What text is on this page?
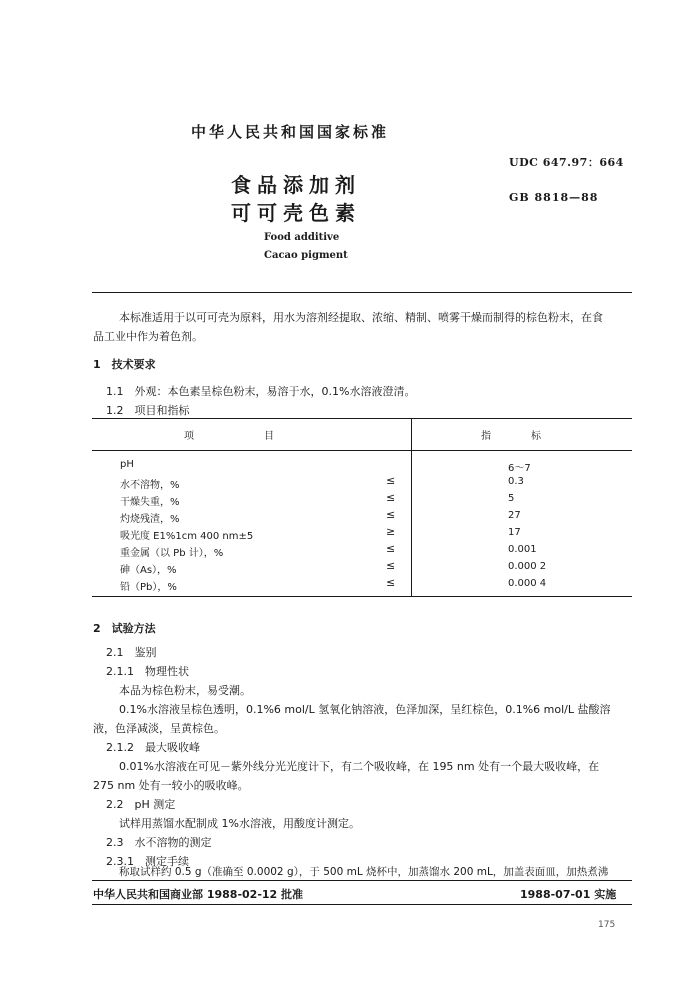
中华人民共和国国家标准
UDC 647.97：664
GB 8818—88
食品添加剂
可可壳色素
Food additive
Cacao pigment
本标准适用于以可可壳为原料，用水为溶剂经提取、浓缩、精制、喷雾干燥而制得的棕色粉末，在食
品工业中作为着色剂。
1　技术要求
1.1　外观：本色素呈棕色粉末，易溶于水，0.1%水溶液澄清。
1.2　项目和指标
项　　　　　　　目	指　　　　标
pH	6～7
水不溶物，%	≤	0.3
干燥失重，%	≤	5
灼烧残渣，%	≤	27
吸光度 E1%1cm 400 nm±5	≥	17
重金属（以 Pb 计），%	≤	0.001
砷（As），%	≤	0.000 2
铅（Pb），%	≤	0.000 4
2　试验方法
2.1　鉴别
2.1.1　物理性状
本品为棕色粉末，易受潮。
0.1%水溶液呈棕色透明，0.1%6 mol/L 氢氧化钠溶液，色泽加深，呈红棕色，0.1%6 mol/L 盐酸溶
液，色泽减淡，呈黄棕色。
2.1.2　最大吸收峰
0.01%水溶液在可见－紫外线分光光度计下，有二个吸收峰，在 195 nm 处有一个最大吸收峰，在
275 nm 处有一较小的吸收峰。
2.2　pH 测定
试样用蒸馏水配制成 1%水溶液，用酸度计测定。
2.3　水不溶物的测定
2.3.1　测定手续
称取试样约 0.5 g（准确至 0.0002 g），于 500 mL 烧杯中，加蒸馏水 200 mL，加盖表面皿，加热煮沸
中华人民共和国商业部 1988-02-12 批准	1988-07-01 实施
175
